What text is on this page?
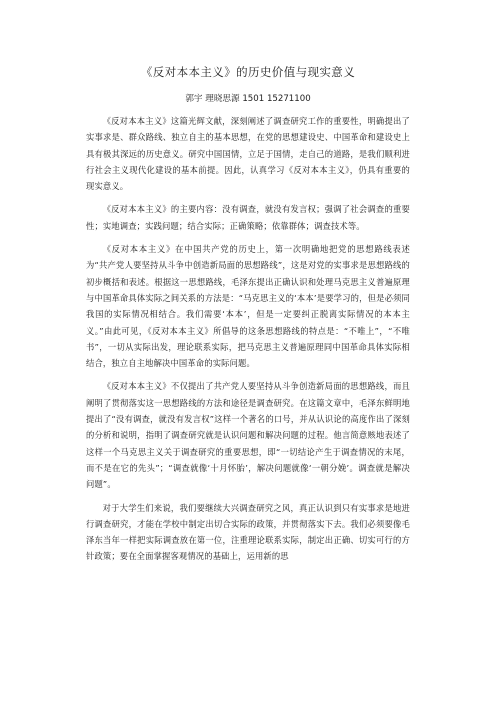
《反对本本主义》的历史价值与现实意义
郭宇 理晓思源 1501 15271100

《反对本本主义》这篇光辉文献，深刻阐述了调查研究工作的重要性，明确提出了实事求是、群众路线、独立自主的基本思想，在党的思想建设史、中国革命和建设史上具有极其深远的历史意义。研究中国国情，立足于国情，走自己的道路，是我们顺利进行社会主义现代化建设的基本前提。因此，认真学习《反对本本主义》，仍具有重要的现实意义。

《反对本本主义》的主要内容：没有调查，就没有发言权；强调了社会调查的重要性；实地调查；实践问题；结合实际；正确策略；依靠群体；调查技术等。

《反对本本主义》在中国共产党的历史上，第一次明确地把党的思想路线表述为“共产党人要坚持从斗争中创造新局面的思想路线”，这是对党的实事求是思想路线的初步概括和表述。根据这一思想路线，毛泽东提出正确认识和处理马克思主义普遍原理与中国革命具体实际之间关系的方法是：“马克思主义的‘本本’是要学习的，但是必须同我国的实际情况相结合。我们需要‘本本’，但是一定要纠正脱离实际情况的本本主义。”由此可见，《反对本本主义》所倡导的这条思想路线的特点是：“不唯上”，“不唯书”，一切从实际出发，理论联系实际，把马克思主义普遍原理同中国革命具体实际相结合，独立自主地解决中国革命的实际问题。

《反对本本主义》不仅提出了共产党人要坚持从斗争创造新局面的思想路线，而且阐明了贯彻落实这一思想路线的方法和途径是调查研究。在这篇文章中，毛泽东鲜明地提出了“没有调查，就没有发言权”这样一个著名的口号，并从认识论的高度作出了深刻的分析和说明，指明了调查研究就是认识问题和解决问题的过程。他言简意赅地表述了这样一个马克思主义关于调查研究的重要思想，即“一切结论产生于调查情况的末尾，而不是在它的先头”；“调查就像‘十月怀胎’，解决问题就像‘一朝分娩’。调查就是解决问题”。

对于大学生们来说，我们要继续大兴调查研究之风，真正认识到只有实事求是地进行调查研究，才能在学校中制定出切合实际的政策，并贯彻落实下去。我们必须要像毛泽东当年一样把实际调查放在第一位，注重理论联系实际，制定出正确、切实可行的方针政策；要在全面掌握客观情况的基础上，运用新的思
